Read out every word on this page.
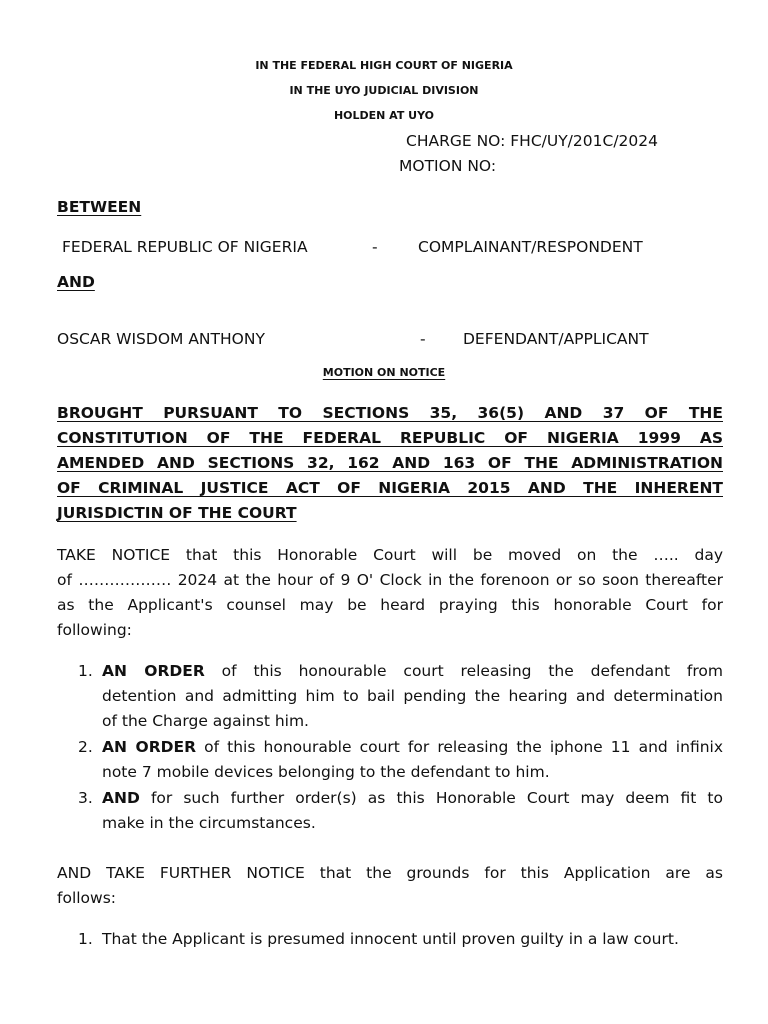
IN THE FEDERAL HIGH COURT OF NIGERIA
IN THE UYO JUDICIAL DIVISION
HOLDEN AT UYO
CHARGE NO: FHC/UY/201C/2024
MOTION NO:
BETWEEN
FEDERAL REPUBLIC OF NIGERIA	-	COMPLAINANT/RESPONDENT
AND
OSCAR WISDOM ANTHONY	- DEFENDANT/APPLICANT
MOTION ON NOTICE
BROUGHT PURSUANT TO SECTIONS 35, 36(5) AND 37 OF THE
CONSTITUTION OF THE FEDERAL REPUBLIC OF NIGERIA 1999 AS
AMENDED AND SECTIONS 32, 162 AND 163 OF THE ADMINISTRATION
OF CRIMINAL JUSTICE ACT OF NIGERIA 2015 AND THE INHERENT
JURISDICTIN OF THE COURT
TAKE NOTICE that this Honorable Court will be moved on the ….. day
of ……………… 2024 at the hour of 9 O' Clock in the forenoon or so soon thereafter
as the Applicant's counsel may be heard praying this honorable Court for
following:
1. AN ORDER of this honourable court releasing the defendant from
detention and admitting him to bail pending the hearing and determination
of the Charge against him.
2. AN ORDER of this honourable court for releasing the iphone 11 and infinix
note 7 mobile devices belonging to the defendant to him.
3. AND for such further order(s) as this Honorable Court may deem fit to
make in the circumstances.
AND TAKE FURTHER NOTICE that the grounds for this Application are as
follows:
1. That the Applicant is presumed innocent until proven guilty in a law court.
